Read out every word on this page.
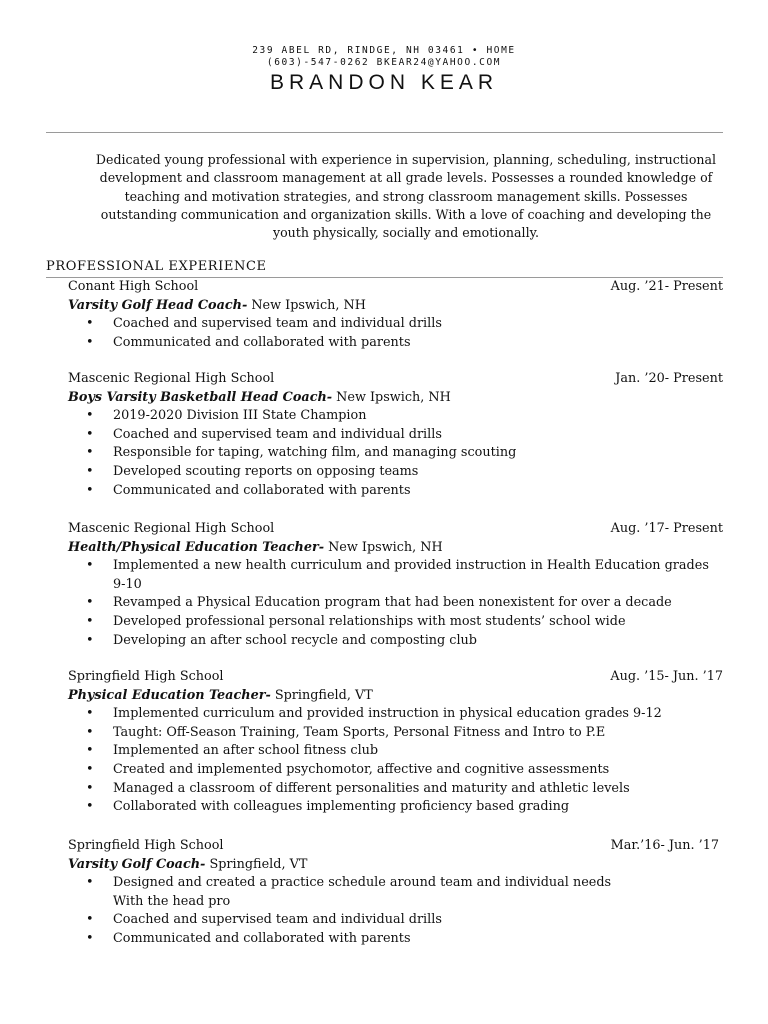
239 ABEL RD, RINDGE, NH 03461 • HOME
(603)-547-0262 BKEAR24@YAHOO.COM
BRANDON KEAR
Dedicated young professional with experience in supervision, planning, scheduling, instructional development and classroom management at all grade levels. Possesses a rounded knowledge of teaching and motivation strategies, and strong classroom management skills. Possesses outstanding communication and organization skills. With a love of coaching and developing the youth physically, socially and emotionally.
PROFESSIONAL EXPERIENCE
Conant High School	Aug. ’21- Present
Varsity Golf Head Coach- New Ipswich, NH
• Coached and supervised team and individual drills
• Communicated and collaborated with parents
Mascenic Regional High School	Jan. ’20- Present
Boys Varsity Basketball Head Coach- New Ipswich, NH
• 2019-2020 Division III State Champion
• Coached and supervised team and individual drills
• Responsible for taping, watching film, and managing scouting
• Developed scouting reports on opposing teams
• Communicated and collaborated with parents
Mascenic Regional High School	Aug. ’17- Present
Health/Physical Education Teacher- New Ipswich, NH
• Implemented a new health curriculum and provided instruction in Health Education grades 9-10
• Revamped a Physical Education program that had been nonexistent for over a decade
• Developed professional personal relationships with most students’ school wide
• Developing an after school recycle and composting club
Springfield High School	Aug. ’15- Jun. ’17
Physical Education Teacher- Springfield, VT
• Implemented curriculum and provided instruction in physical education grades 9-12
• Taught: Off-Season Training, Team Sports, Personal Fitness and Intro to P.E
• Implemented an after school fitness club
• Created and implemented psychomotor, affective and cognitive assessments
• Managed a classroom of different personalities and maturity and athletic levels
• Collaborated with colleagues implementing proficiency based grading
Springfield High School	Mar.’16- Jun. ’17
Varsity Golf Coach- Springfield, VT
• Designed and created a practice schedule around team and individual needs With the head pro
• Coached and supervised team and individual drills
• Communicated and collaborated with parents
